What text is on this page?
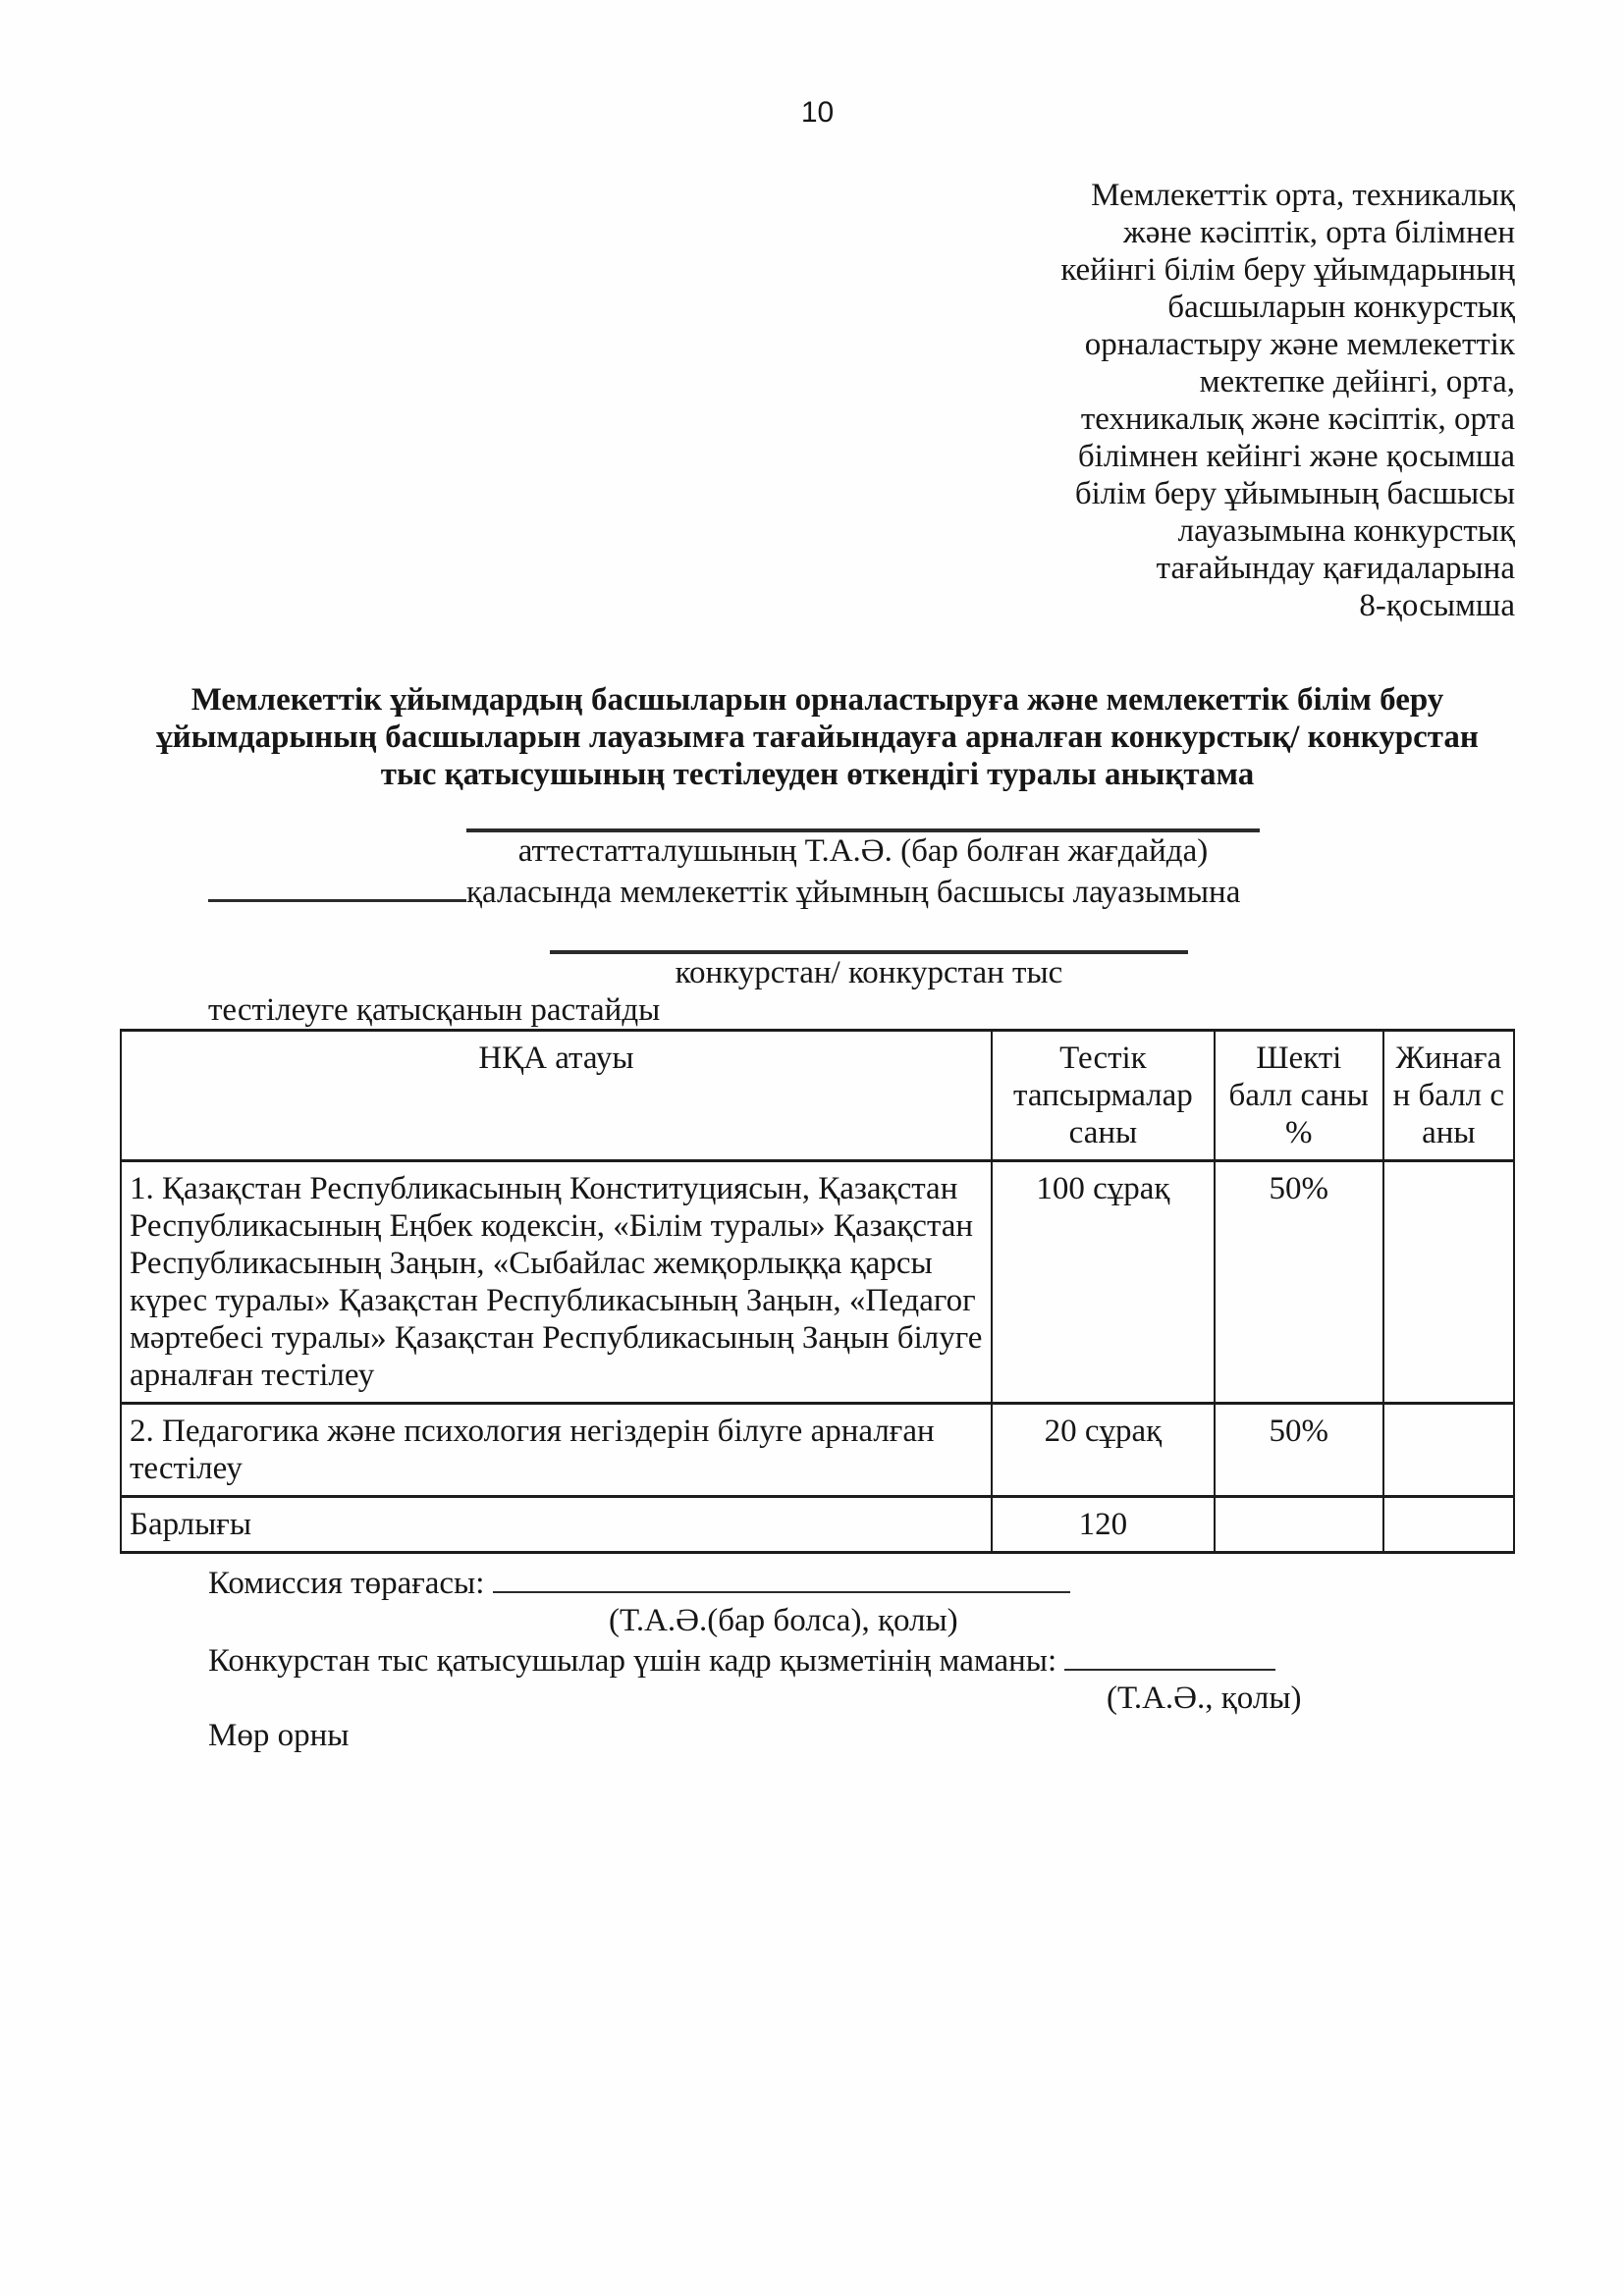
10
Мемлекеттік орта, техникалық
және кәсіптік, орта білімнен
кейінгі білім беру ұйымдарының
басшыларын конкурстық
орналастыру және мемлекеттік
мектепке дейінгі, орта,
техникалық және кәсіптік, орта
білімнен кейінгі және қосымша
білім беру ұйымының басшысы
лауазымына конкурстық
тағайындау қағидаларына
8-қосымша
Мемлекеттік ұйымдардың басшыларын орналастыруға және мемлекеттік білім беру
ұйымдарының басшыларын лауазымға тағайындауға арналған конкурстық/ конкурстан
тыс қатысушының тестілеуден өткендігі туралы анықтама
аттестатталушының Т.А.Ә. (бар болған жағдайда)
қаласында мемлекеттік ұйымның басшысы лауазымына
конкурстан/ конкурстан тыс
тестілеуге қатысқанын растайды
НҚА атауы	Тестік тапсырмалар саны	Шекті балл саны %	Жинаған балл саны
1. Қазақстан Республикасының Конституциясын, Қазақстан Республикасының Еңбек кодексін, «Білім туралы» Қазақстан Республикасының Заңын, «Сыбайлас жемқорлыққа қарсы күрес туралы» Қазақстан Республикасының Заңын, «Педагог мәртебесі туралы» Қазақстан Республикасының Заңын білуге арналған тестілеу	100 сұрақ	50%	
2. Педагогика және психология негіздерін білуге арналған тестілеу	20 сұрақ	50%	
Барлығы	120		
Комиссия төрағасы:
(Т.А.Ә.(бар болса), қолы)
Конкурстан тыс қатысушылар үшін кадр қызметінің маманы:
(Т.А.Ә., қолы)
Мөр орны
